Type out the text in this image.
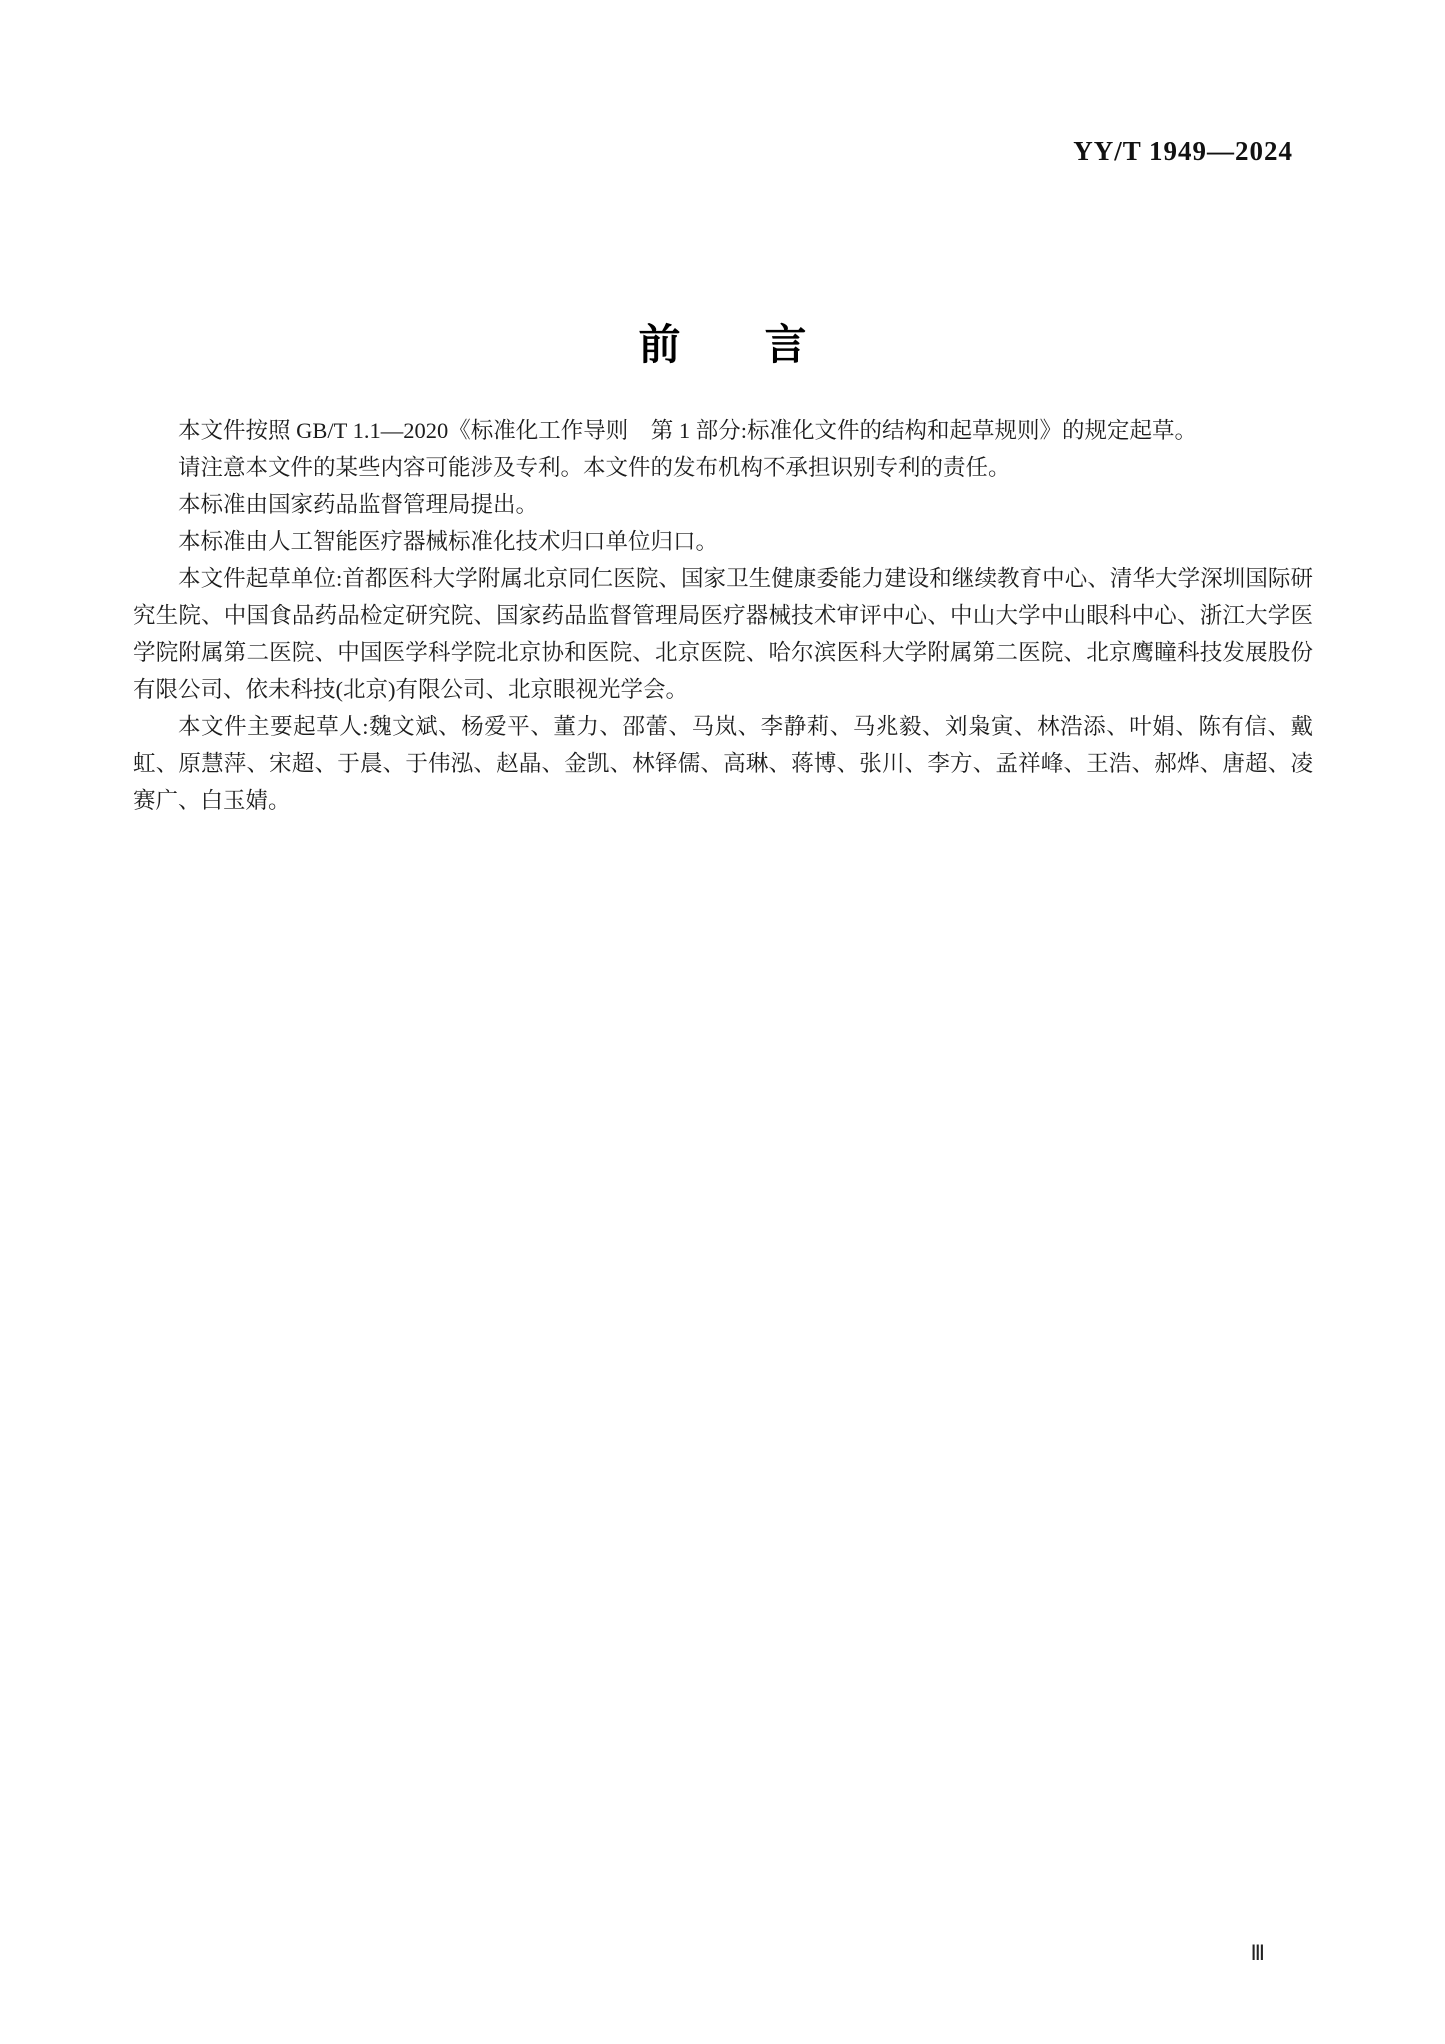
YY/T 1949—2024
前　　言

本文件按照 GB/T 1.1—2020《标准化工作导则　第 1 部分:标准化文件的结构和起草规则》的规定起草。

请注意本文件的某些内容可能涉及专利。本文件的发布机构不承担识别专利的责任。

本标准由国家药品监督管理局提出。

本标准由人工智能医疗器械标准化技术归口单位归口。

本文件起草单位:首都医科大学附属北京同仁医院、国家卫生健康委能力建设和继续教育中心、清华大学深圳国际研究生院、中国食品药品检定研究院、国家药品监督管理局医疗器械技术审评中心、中山大学中山眼科中心、浙江大学医学院附属第二医院、中国医学科学院北京协和医院、北京医院、哈尔滨医科大学附属第二医院、北京鹰瞳科技发展股份有限公司、依未科技(北京)有限公司、北京眼视光学会。

本文件主要起草人:魏文斌、杨爱平、董力、邵蕾、马岚、李静莉、马兆毅、刘枭寅、林浩添、叶娟、陈有信、戴虹、原慧萍、宋超、于晨、于伟泓、赵晶、金凯、林铎儒、高琳、蒋博、张川、李方、孟祥峰、王浩、郝烨、唐超、凌赛广、白玉婧。

Ⅲ
